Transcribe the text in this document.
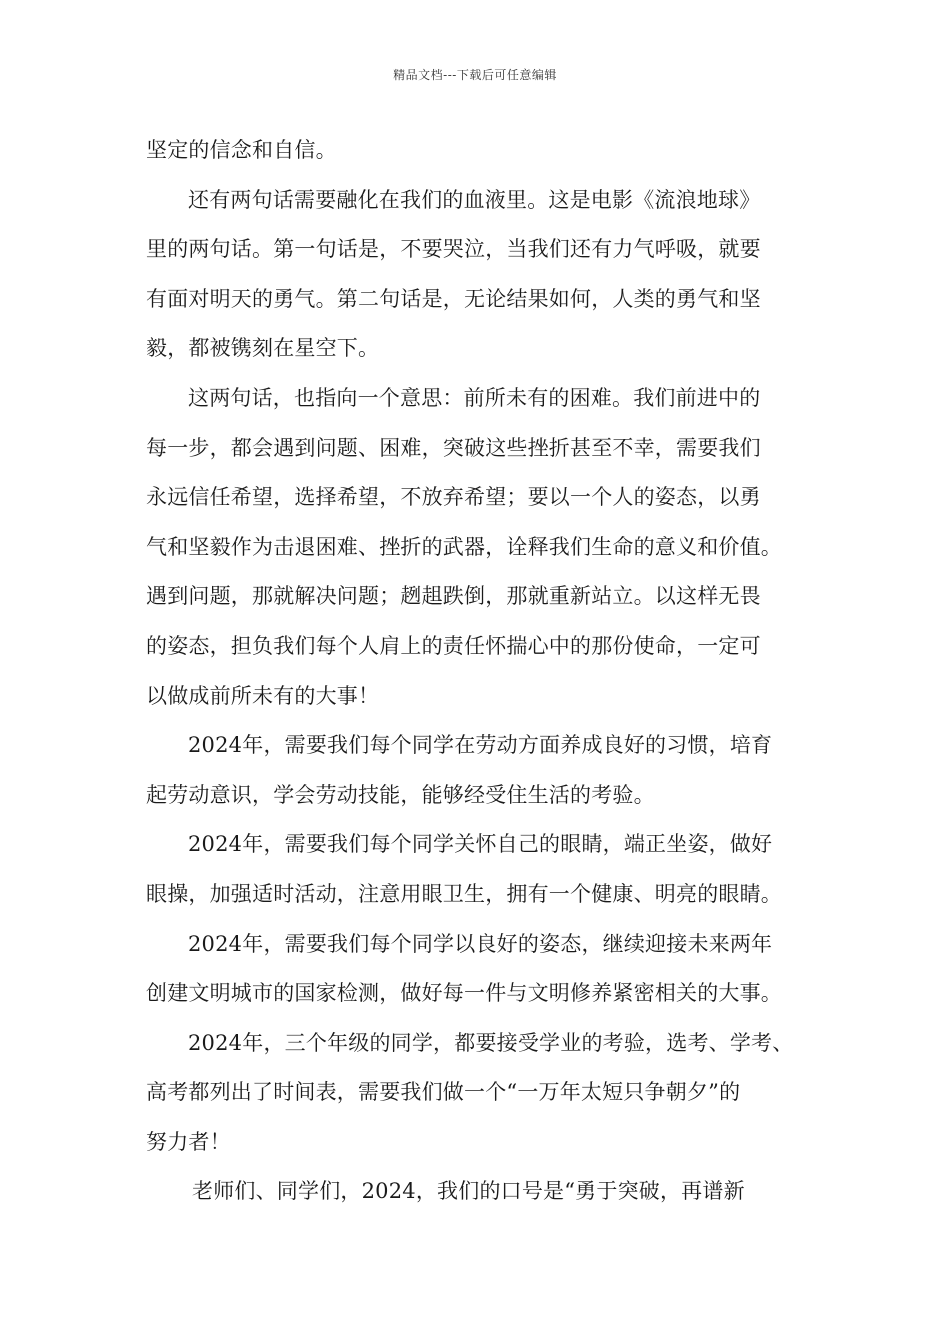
精品文档---下载后可任意编辑
坚定的信念和自信。
还有两句话需要融化在我们的血液里。这是电影《流浪地球》
里的两句话。第一句话是，不要哭泣，当我们还有力气呼吸，就要
有面对明天的勇气。第二句话是，无论结果如何，人类的勇气和坚
毅，都被镌刻在星空下。
这两句话，也指向一个意思：前所未有的困难。我们前进中的
每一步，都会遇到问题、困难，突破这些挫折甚至不幸，需要我们
永远信任希望，选择希望，不放弃希望；要以一个人的姿态，以勇
气和坚毅作为击退困难、挫折的武器，诠释我们生命的意义和价值。
遇到问题，那就解决问题；趔趄跌倒，那就重新站立。以这样无畏
的姿态，担负我们每个人肩上的责任怀揣心中的那份使命，一定可
以做成前所未有的大事！
2024年，需要我们每个同学在劳动方面养成良好的习惯，培育
起劳动意识，学会劳动技能，能够经受住生活的考验。
2024年，需要我们每个同学关怀自己的眼睛，端正坐姿，做好
眼操，加强适时活动，注意用眼卫生，拥有一个健康、明亮的眼睛。
2024年，需要我们每个同学以良好的姿态，继续迎接未来两年
创建文明城市的国家检测，做好每一件与文明修养紧密相关的大事。
2024年，三个年级的同学，都要接受学业的考验，选考、学考、
高考都列出了时间表，需要我们做一个“一万年太短只争朝夕”的
努力者！
老师们、同学们，2024，我们的口号是“勇于突破，再谱新
